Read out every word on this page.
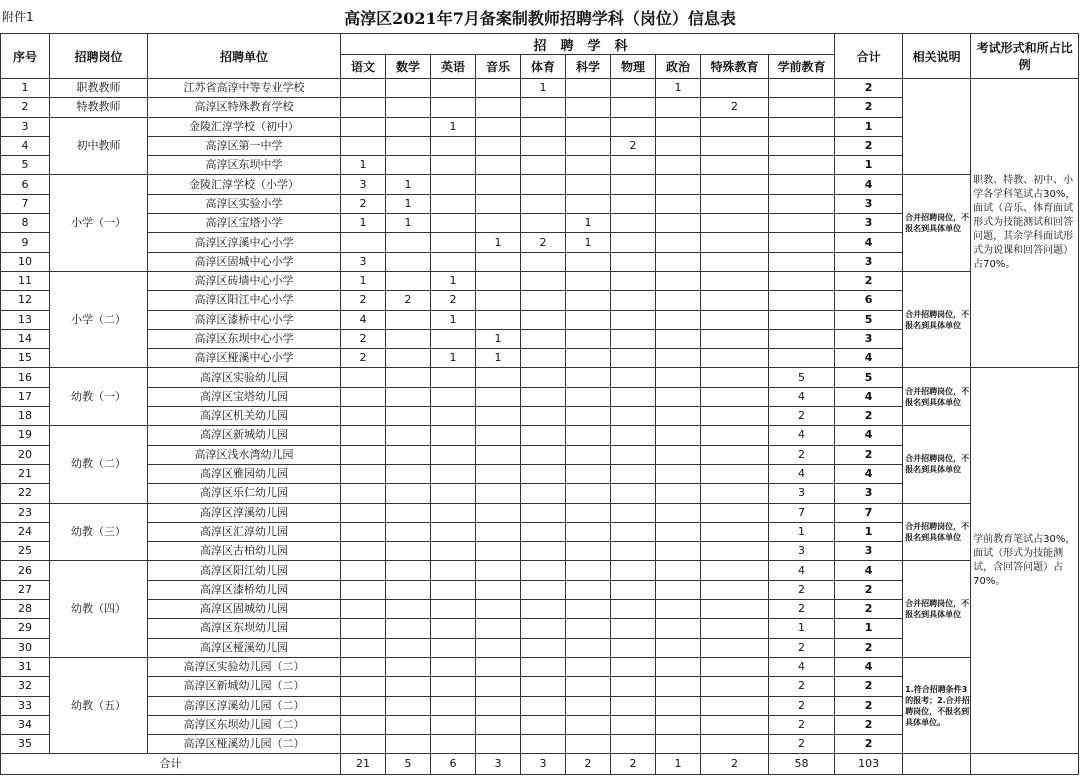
附件1	高淳区2021年7月备案制教师招聘学科（岗位）信息表
序号	招聘岗位	招聘单位	招聘学科										合计	相关说明	考试形式和所占比例
			语文	数学	英语	音乐	体育	科学	物理	政治	特殊教育	学前教育			
1	职教教师	江苏省高淳中等专业学校					1			1			2		职教、特教、初中、小学各学科笔试占30%，面试（音乐、体育面试形式为技能测试和回答问题，其余学科面试形式为说课和回答问题）占70%。
2	特教教师	高淳区特殊教育学校									2		2		
3	初中教师	金陵汇淳学校（初中）			1								1		
4		高淳区第一中学							2				2		
5		高淳区东坝中学	1										1		
6	小学（一）	金陵汇淳学校（小学）	3	1									4	合并招聘岗位，不报名到具体单位	
7		高淳区实验小学	2	1									3		
8		高淳区宝塔小学	1	1				1					3		
9		高淳区淳溪中心小学				1	2	1					4		
10		高淳区固城中心小学	3										3		
11	小学（二）	高淳区砖墙中心小学	1		1								2	合并招聘岗位，不报名到具体单位	
12		高淳区阳江中心小学	2	2	2								6		
13		高淳区漆桥中心小学	4		1								5		
14		高淳区东坝中心小学	2			1							3		
15		高淳区桠溪中心小学	2		1	1							4		
16	幼教（一）	高淳区实验幼儿园										5	5	合并招聘岗位，不报名到具体单位	学前教育笔试占30%，面试（形式为技能测试，含回答问题）占70%。
17		高淳区宝塔幼儿园										4	4		
18		高淳区机关幼儿园										2	2		
19	幼教（二）	高淳区新城幼儿园										4	4	合并招聘岗位，不报名到具体单位	
20		高淳区浅水湾幼儿园										2	2		
21		高淳区雅园幼儿园										4	4		
22		高淳区乐仁幼儿园										3	3		
23	幼教（三）	高淳区淳溪幼儿园										7	7	合并招聘岗位，不报名到具体单位	
24		高淳区汇淳幼儿园										1	1		
25		高淳区古柏幼儿园										3	3		
26	幼教（四）	高淳区阳江幼儿园										4	4	合并招聘岗位，不报名到具体单位	
27		高淳区漆桥幼儿园										2	2		
28		高淳区固城幼儿园										2	2		
29		高淳区东坝幼儿园										1	1		
30		高淳区桠溪幼儿园										2	2		
31	幼教（五）	高淳区实验幼儿园（二）										4	4	1.符合招聘条件3的报考；2.合并招聘岗位，不报名到具体单位。	
32		高淳区新城幼儿园（二）										2	2		
33		高淳区淳溪幼儿园（二）										2	2		
34		高淳区东坝幼儿园（二）										2	2		
35		高淳区桠溪幼儿园（二）										2	2		
合计			21	5	6	3	3	2	2	1	2	58	103		
